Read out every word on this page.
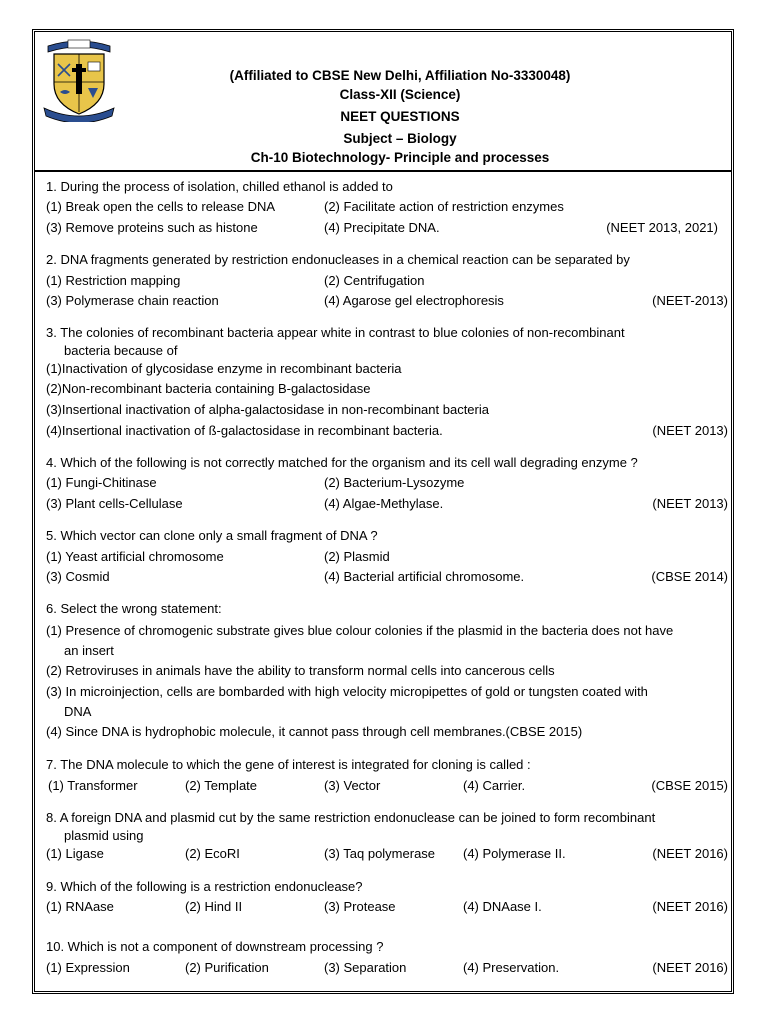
(Affiliated to CBSE New Delhi, Affiliation No-3330048)
Class-XII (Science)
NEET QUESTIONS
Subject – Biology
Ch-10 Biotechnology- Principle and processes
1. During the process of isolation, chilled ethanol is added to
(1) Break open the cells to release DNA	(2) Facilitate action of restriction enzymes
(3) Remove proteins such as histone	(4) Precipitate DNA.	(NEET 2013, 2021)
2. DNA fragments generated by restriction endonucleases in a chemical reaction can be separated by
(1) Restriction mapping	(2) Centrifugation
(3) Polymerase chain reaction	(4) Agarose gel electrophoresis	(NEET-2013)
3. The colonies of recombinant bacteria appear white in contrast to blue colonies of non-recombinant
bacteria because of
(1)Inactivation of glycosidase enzyme in recombinant bacteria
(2)Non-recombinant bacteria containing B-galactosidase
(3)Insertional inactivation of alpha-galactosidase in non-recombinant bacteria
(4)Insertional inactivation of ß-galactosidase in recombinant bacteria.	(NEET 2013)
4. Which of the following is not correctly matched for the organism and its cell wall degrading enzyme ?
(1) Fungi-Chitinase	(2) Bacterium-Lysozyme
(3) Plant cells-Cellulase	(4) Algae-Methylase.	(NEET 2013)
5. Which vector can clone only a small fragment of DNA ?
(1) Yeast artificial chromosome	(2) Plasmid
(3) Cosmid	(4) Bacterial artificial chromosome.	(CBSE 2014)
6. Select the wrong statement:
(1) Presence of chromogenic substrate gives blue colour colonies if the plasmid in the bacteria does not have
an insert
(2) Retroviruses in animals have the ability to transform normal cells into cancerous cells
(3) In microinjection, cells are bombarded with high velocity micropipettes of gold or tungsten coated with
DNA
(4) Since DNA is hydrophobic molecule, it cannot pass through cell membranes.(CBSE 2015)
7. The DNA molecule to which the gene of interest is integrated for cloning is called :
(1) Transformer	(2) Template	(3) Vector	(4) Carrier.	(CBSE 2015)
8. A foreign DNA and plasmid cut by the same restriction endonuclease can be joined to form recombinant
plasmid using
(1) Ligase	(2) EcoRI	(3) Taq polymerase (4) Polymerase II.	(NEET 2016)
9. Which of the following is a restriction endonuclease?
(1) RNAase	(2) Hind II	(3) Protease	(4) DNAase I.	(NEET 2016)
10. Which is not a component of downstream processing ?
(1) Expression	(2) Purification	(3) Separation	(4) Preservation.	(NEET 2016)
